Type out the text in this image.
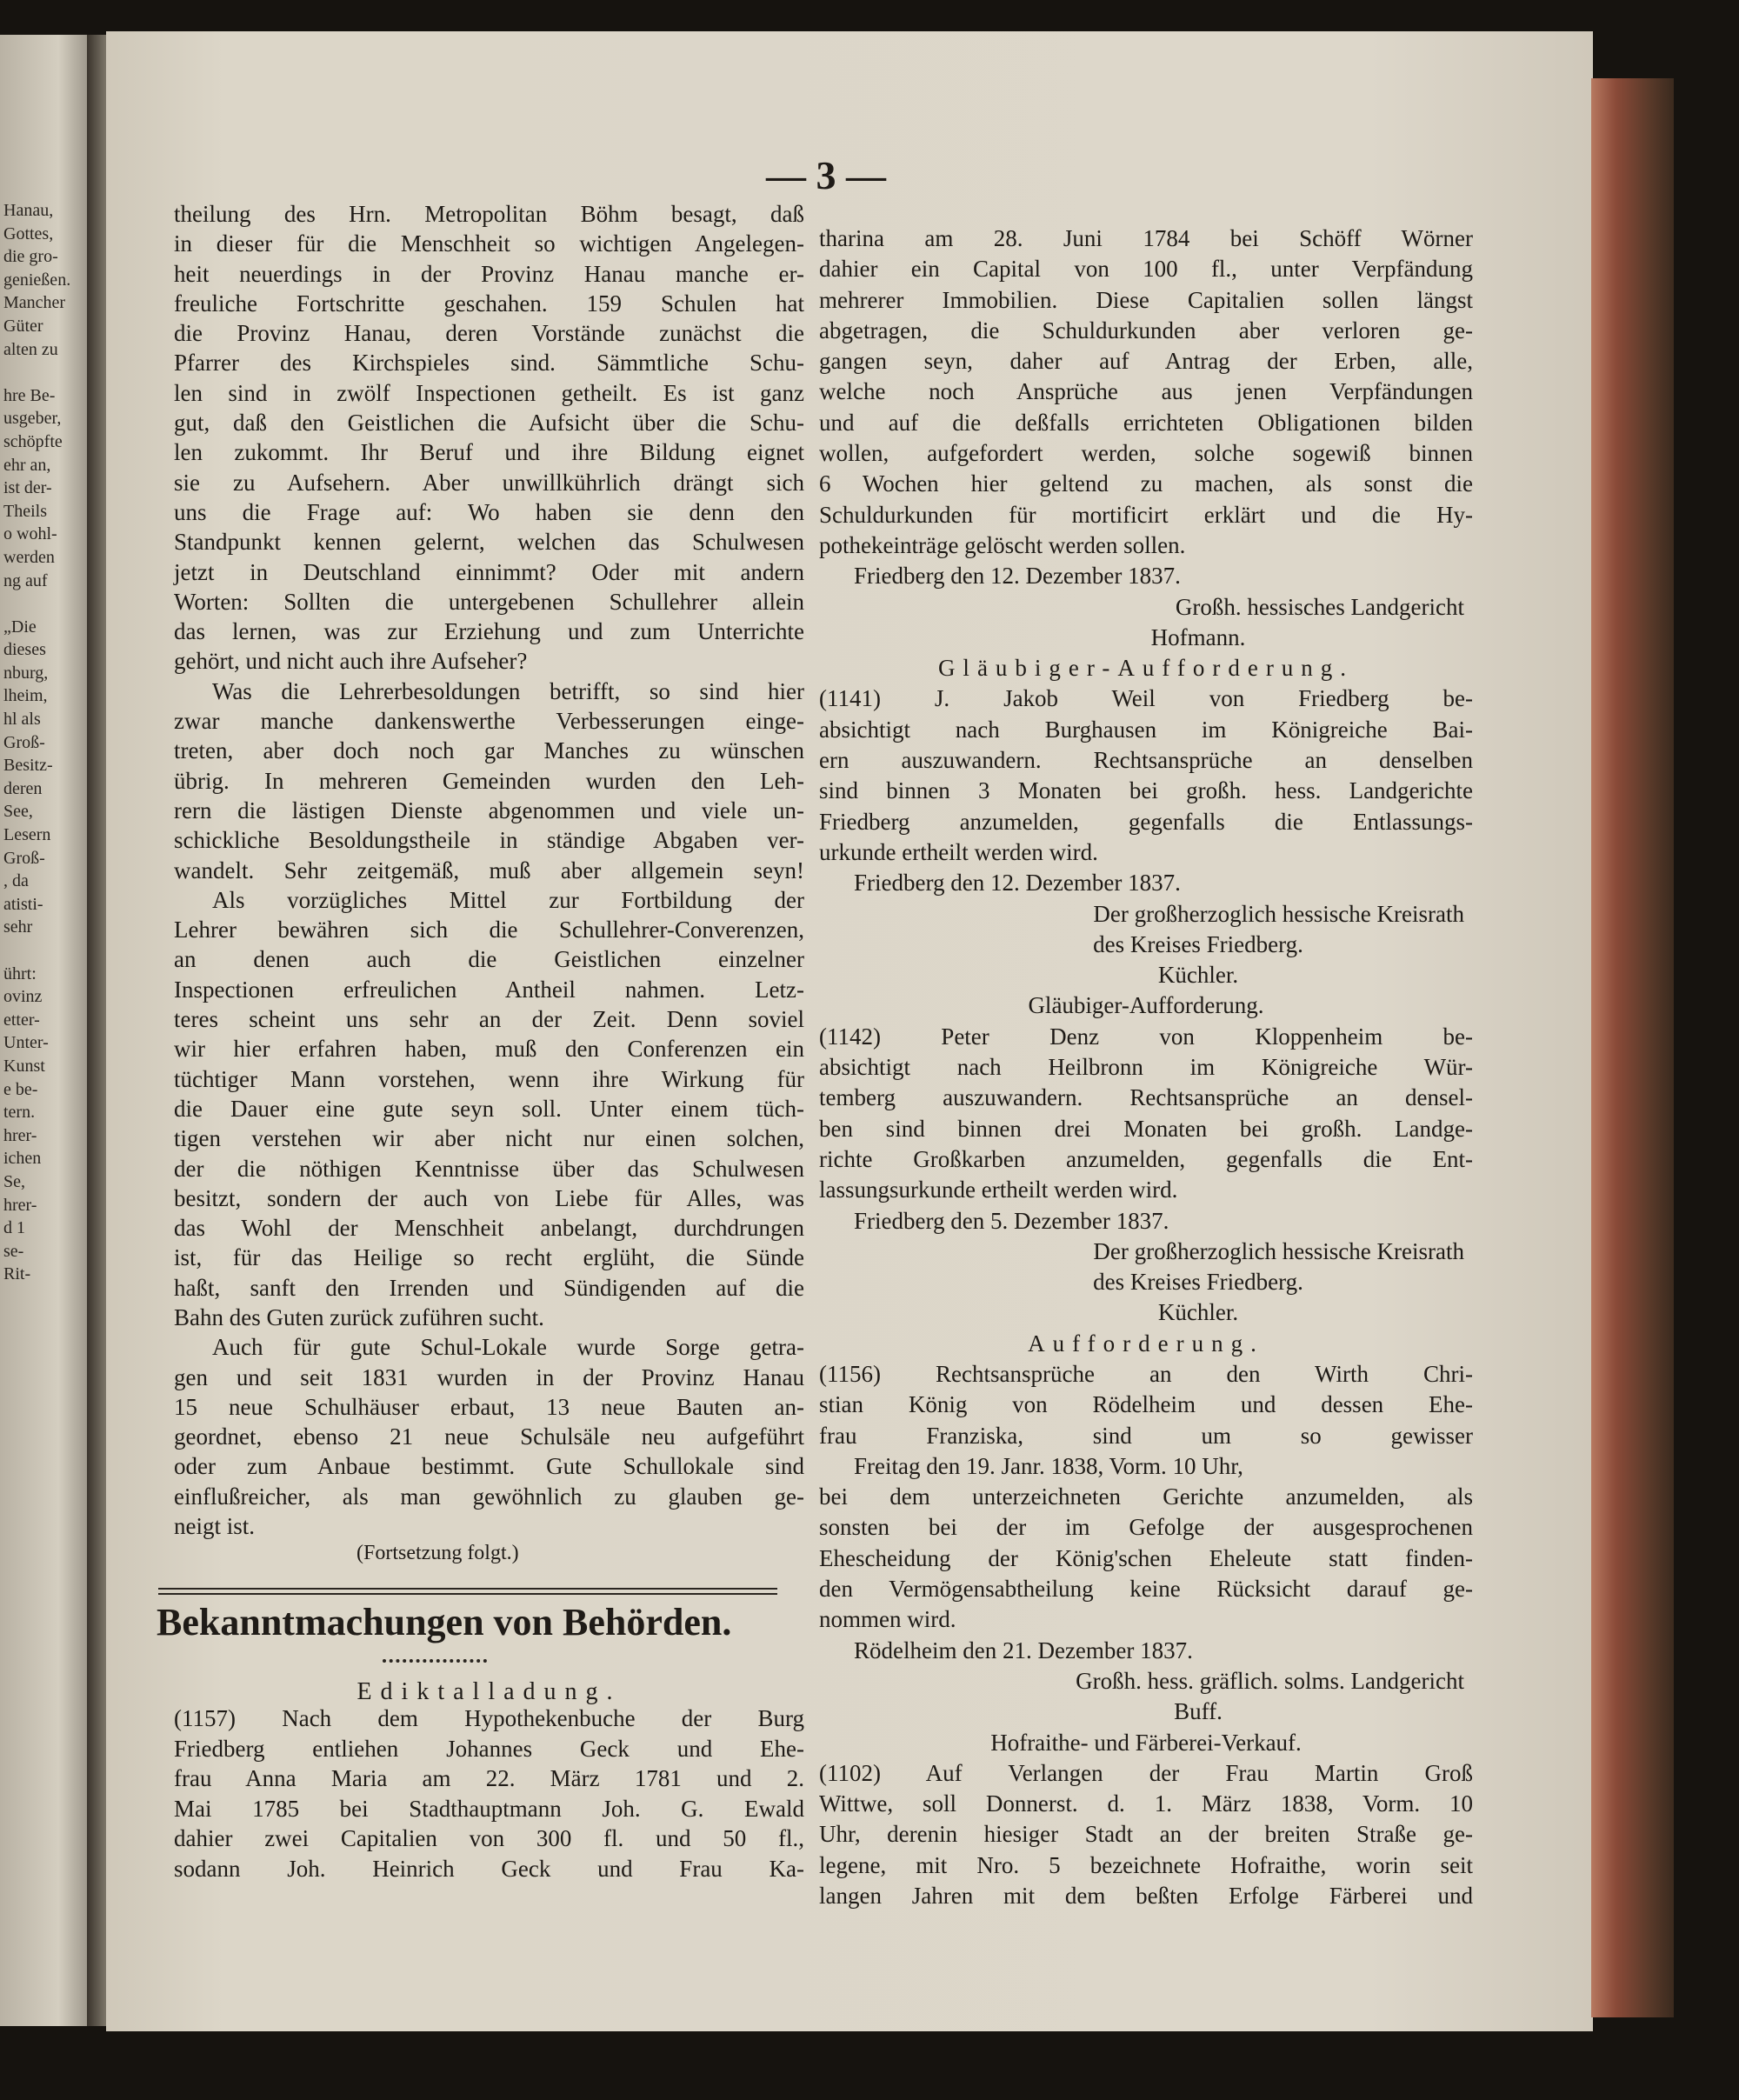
Hanau,
Gottes,
die gro-
genießen.
Mancher
Güter
alten zu
hre Be-
usgeber,
schöpfte
ehr an,
ist der-
Theils
o wohl-
werden
ng auf
„Die
dieses
nburg,
lheim,
hl als
Groß-
Besitz-
deren
See,
Lesern
Groß-
, da
atisti-
sehr
ührt:
ovinz
etter-
Unter-
Kunst
e be-
tern.
hrer-
ichen
Se,
hrer-
d 1
se-
Rit-
— 3 —
theilung des Hrn. Metropolitan Böhm besagt, daß
in dieser für die Menschheit so wichtigen Angelegen-
heit neuerdings in der Provinz Hanau manche er-
freuliche Fortschritte geschahen. 159 Schulen hat
die Provinz Hanau, deren Vorstände zunächst die
Pfarrer des Kirchspieles sind. Sämmtliche Schu-
len sind in zwölf Inspectionen getheilt. Es ist ganz
gut, daß den Geistlichen die Aufsicht über die Schu-
len zukommt. Ihr Beruf und ihre Bildung eignet
sie zu Aufsehern. Aber unwillkührlich drängt sich
uns die Frage auf: Wo haben sie denn den
Standpunkt kennen gelernt, welchen das Schulwesen
jetzt in Deutschland einnimmt? Oder mit andern
Worten: Sollten die untergebenen Schullehrer allein
das lernen, was zur Erziehung und zum Unterrichte
gehört, und nicht auch ihre Aufseher?
Was die Lehrerbesoldungen betrifft, so sind hier
zwar manche dankenswerthe Verbesserungen einge-
treten, aber doch noch gar Manches zu wünschen
übrig. In mehreren Gemeinden wurden den Leh-
rern die lästigen Dienste abgenommen und viele un-
schickliche Besoldungstheile in ständige Abgaben ver-
wandelt. Sehr zeitgemäß, muß aber allgemein seyn!
Als vorzügliches Mittel zur Fortbildung der
Lehrer bewähren sich die Schullehrer-Converenzen,
an denen auch die Geistlichen einzelner
Inspectionen erfreulichen Antheil nahmen. Letz-
teres scheint uns sehr an der Zeit. Denn soviel
wir hier erfahren haben, muß den Conferenzen ein
tüchtiger Mann vorstehen, wenn ihre Wirkung für
die Dauer eine gute seyn soll. Unter einem tüch-
tigen verstehen wir aber nicht nur einen solchen,
der die nöthigen Kenntnisse über das Schulwesen
besitzt, sondern der auch von Liebe für Alles, was
das Wohl der Menschheit anbelangt, durchdrungen
ist, für das Heilige so recht erglüht, die Sünde
haßt, sanft den Irrenden und Sündigenden auf die
Bahn des Guten zurück zuführen sucht.
Auch für gute Schul-Lokale wurde Sorge getra-
gen und seit 1831 wurden in der Provinz Hanau
15 neue Schulhäuser erbaut, 13 neue Bauten an-
geordnet, ebenso 21 neue Schulsäle neu aufgeführt
oder zum Anbaue bestimmt. Gute Schullokale sind
einflußreicher, als man gewöhnlich zu glauben ge-
neigt ist.
(Fortsetzung folgt.)
Bekanntmachungen von Behörden.
Ediktalladung.
(1157) Nach dem Hypothekenbuche der Burg
Friedberg entliehen Johannes Geck und Ehe-
frau Anna Maria am 22. März 1781 und 2.
Mai 1785 bei Stadthauptmann Joh. G. Ewald
dahier zwei Capitalien von 300 fl. und 50 fl.,
sodann Joh. Heinrich Geck und Frau Ka-
tharina am 28. Juni 1784 bei Schöff Wörner
dahier ein Capital von 100 fl., unter Verpfändung
mehrerer Immobilien. Diese Capitalien sollen längst
abgetragen, die Schuldurkunden aber verloren ge-
gangen seyn, daher auf Antrag der Erben, alle,
welche noch Ansprüche aus jenen Verpfändungen
und auf die deßfalls errichteten Obligationen bilden
wollen, aufgefordert werden, solche sogewiß binnen
6 Wochen hier geltend zu machen, als sonst die
Schuldurkunden für mortificirt erklärt und die Hy-
pothekeinträge gelöscht werden sollen.
Friedberg den 12. Dezember 1837.
Großh. hessisches Landgericht
Hofmann.
Gläubiger-Aufforderung.
(1141) J. Jakob Weil von Friedberg be-
absichtigt nach Burghausen im Königreiche Bai-
ern auszuwandern. Rechtsansprüche an denselben
sind binnen 3 Monaten bei großh. hess. Landgerichte
Friedberg anzumelden, gegenfalls die Entlassungs-
urkunde ertheilt werden wird.
Friedberg den 12. Dezember 1837.
Der großherzoglich hessische Kreisrath
des Kreises Friedberg.
Küchler.
Gläubiger-Aufforderung.
(1142) Peter Denz von Kloppenheim be-
absichtigt nach Heilbronn im Königreiche Wür-
temberg auszuwandern. Rechtsansprüche an densel-
ben sind binnen drei Monaten bei großh. Landge-
richte Großkarben anzumelden, gegenfalls die Ent-
lassungsurkunde ertheilt werden wird.
Friedberg den 5. Dezember 1837.
Der großherzoglich hessische Kreisrath
des Kreises Friedberg.
Küchler.
Aufforderung.
(1156) Rechtsansprüche an den Wirth Chri-
stian König von Rödelheim und dessen Ehe-
frau Franziska, sind um so gewisser
Freitag den 19. Janr. 1838, Vorm. 10 Uhr,
bei dem unterzeichneten Gerichte anzumelden, als
sonsten bei der im Gefolge der ausgesprochenen
Ehescheidung der König'schen Eheleute statt finden-
den Vermögensabtheilung keine Rücksicht darauf ge-
nommen wird.
Rödelheim den 21. Dezember 1837.
Großh. hess. gräflich. solms. Landgericht
Buff.
Hofraithe- und Färberei-Verkauf.
(1102) Auf Verlangen der Frau Martin Groß
Wittwe, soll Donnerst. d. 1. März 1838, Vorm. 10
Uhr, derenin hiesiger Stadt an der breiten Straße ge-
legene, mit Nro. 5 bezeichnete Hofraithe, worin seit
langen Jahren mit dem beßten Erfolge Färberei und
